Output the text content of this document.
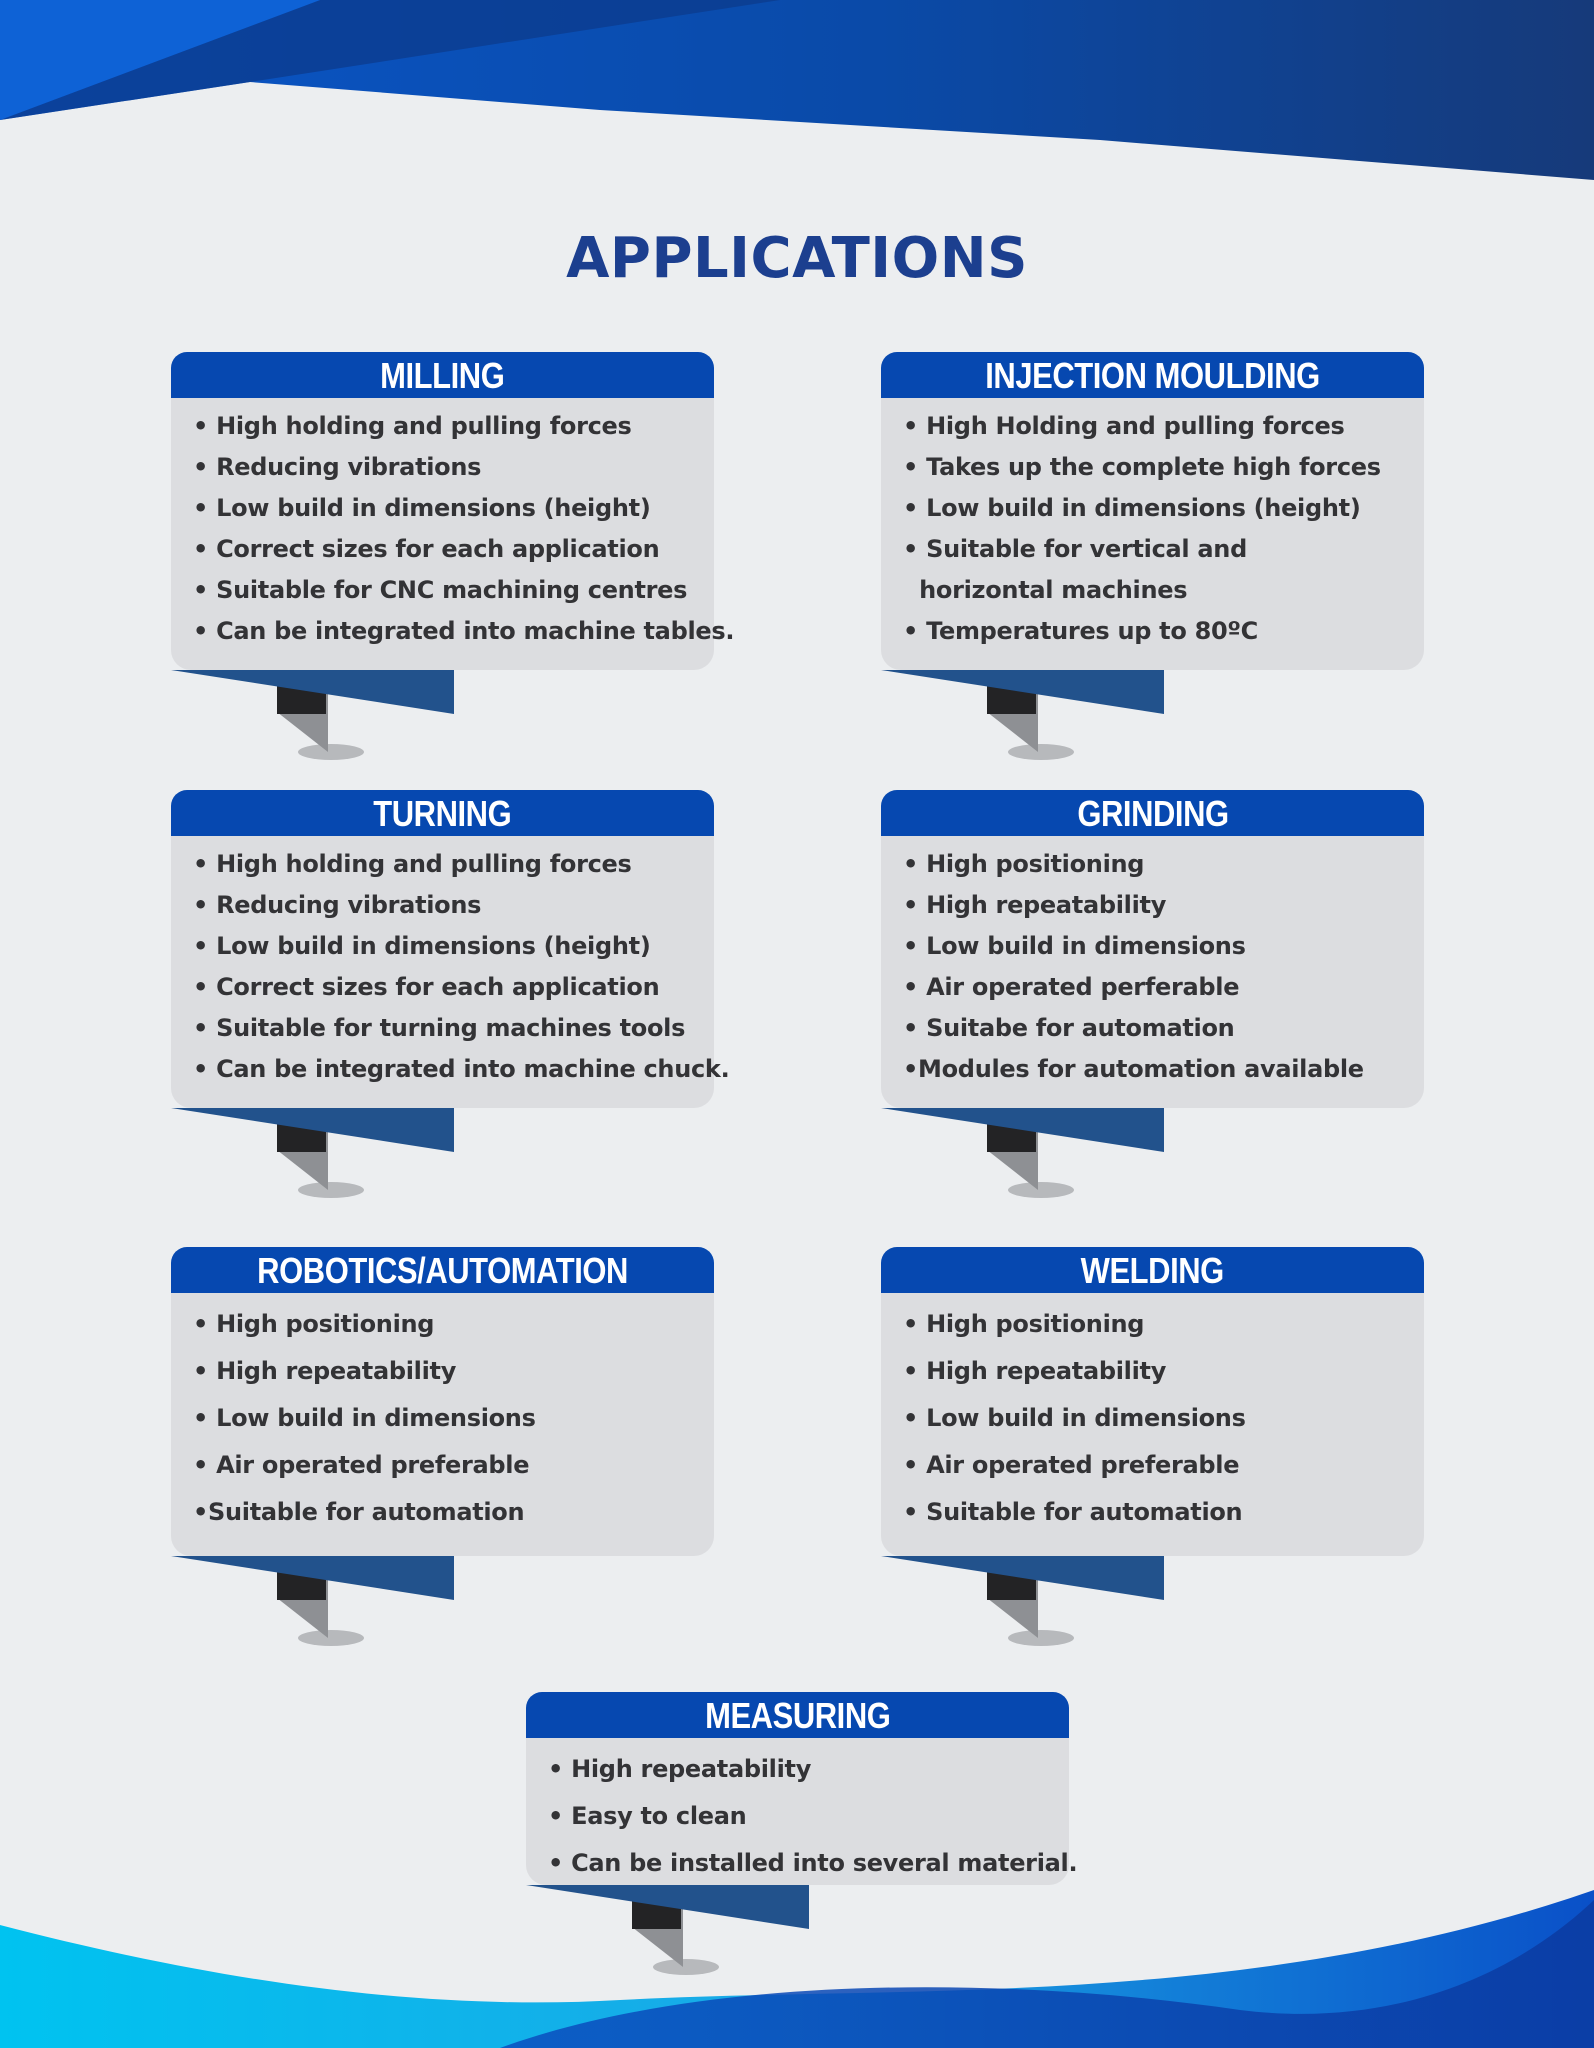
APPLICATIONS
MILLING
• High holding and pulling forces
• Reducing vibrations
• Low build in dimensions (height)
• Correct sizes for each application
• Suitable for CNC machining centres
• Can be integrated into machine tables.
INJECTION MOULDING
• High Holding and pulling forces
• Takes up the complete high forces
• Low build in dimensions (height)
• Suitable for vertical and
horizontal machines
• Temperatures up to 80ºC
TURNING
• High holding and pulling forces
• Reducing vibrations
• Low build in dimensions (height)
• Correct sizes for each application
• Suitable for turning machines tools
• Can be integrated into machine chuck.
GRINDING
• High positioning
• High repeatability
• Low build in dimensions
• Air operated perferable
• Suitabe for automation
•Modules for automation available
ROBOTICS/AUTOMATION
• High positioning
• High repeatability
• Low build in dimensions
• Air operated preferable
•Suitable for automation
WELDING
• High positioning
• High repeatability
• Low build in dimensions
• Air operated preferable
• Suitable for automation
MEASURING
• High repeatability
• Easy to clean
• Can be installed into several material.
